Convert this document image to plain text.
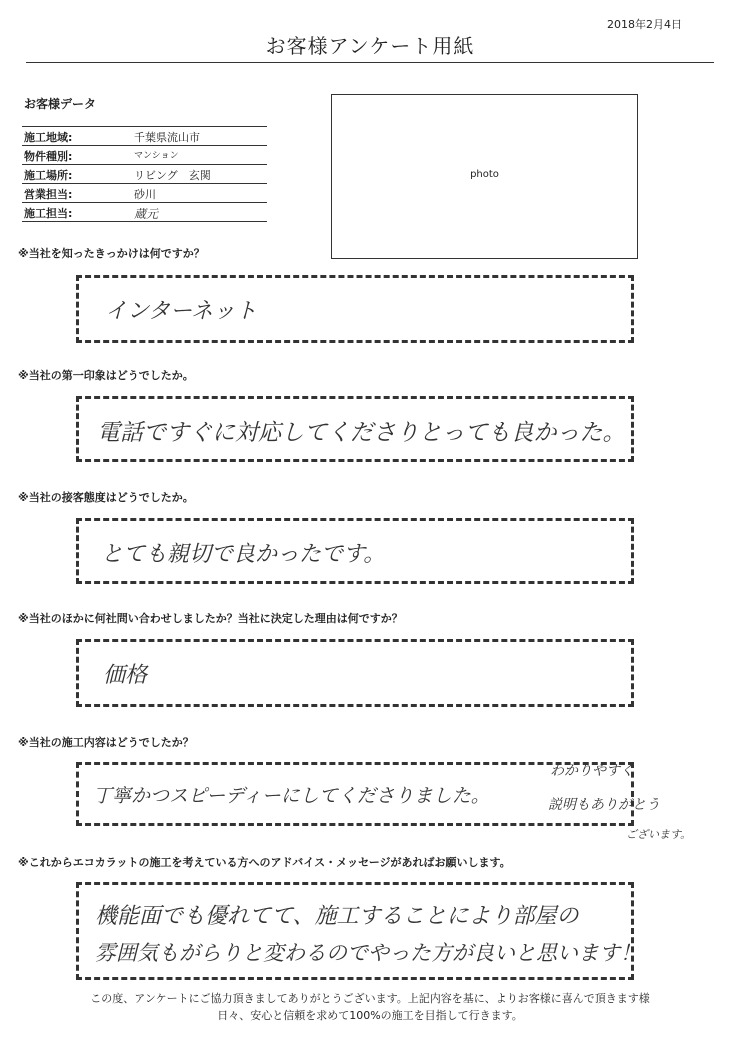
2018年2月4日
お客様アンケート用紙
お客様データ
施工地域:	千葉県流山市
物件種別:	マンション
施工場所:	リビング　玄関
営業担当:	砂川
施工担当:	蔵元
photo
※当社を知ったきっかけは何ですか？
インターネット
※当社の第一印象はどうでしたか。
電話ですぐに対応してくださりとっても良かった。
※当社の接客態度はどうでしたか。
とても親切で良かったです。
※当社のほかに何社問い合わせしましたか？当社に決定した理由は何ですか？
価格
※当社の施工内容はどうでしたか？
丁寧かつスピーディーにしてくださりました。
わかりやすく
説明もありがとう
ございます。
※これからエコカラットの施工を考えている方へのアドバイス・メッセージがあればお願いします。
機能面でも優れてて、施工することにより部屋の
雰囲気もがらりと変わるのでやった方が良いと思います！
この度、アンケートにご協力頂きましてありがとうございます。上記内容を基に、よりお客様に喜んで頂きます様
日々、安心と信頼を求めて100%の施工を目指して行きます。
